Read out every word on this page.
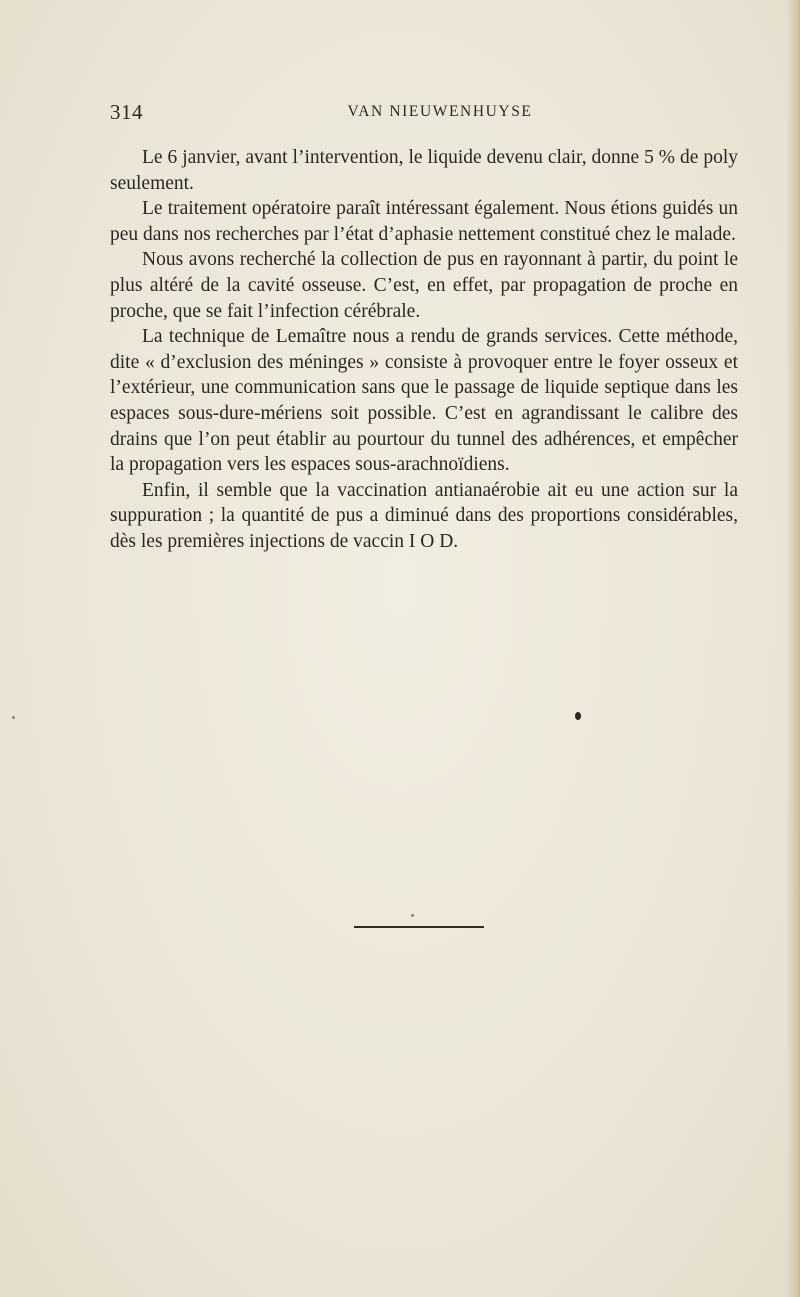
314	VAN NIEUWENHUYSE

Le 6 janvier, avant l’intervention, le liquide devenu clair, donne 5 % de poly seulement.

Le traitement opératoire paraît intéressant également. Nous étions guidés un peu dans nos recherches par l’état d’aphasie nettement constitué chez le malade.

Nous avons recherché la collection de pus en rayonnant à partir, du point le plus altéré de la cavité osseuse. C’est, en effet, par propagation de proche en proche, que se fait l’infection cérébrale.

La technique de Lemaître nous a rendu de grands services. Cette méthode, dite « d’exclusion des méninges » consiste à provoquer entre le foyer osseux et l’extérieur, une communication sans que le passage de liquide septique dans les espaces sous-dure-mériens soit possible. C’est en agrandissant le calibre des drains que l’on peut établir au pourtour du tunnel des adhérences, et empêcher la propagation vers les espaces sous-arachnoïdiens.

Enfin, il semble que la vaccination antianaérobie ait eu une action sur la suppuration ; la quantité de pus a diminué dans des proportions considérables, dès les premières injections de vaccin I O D.
